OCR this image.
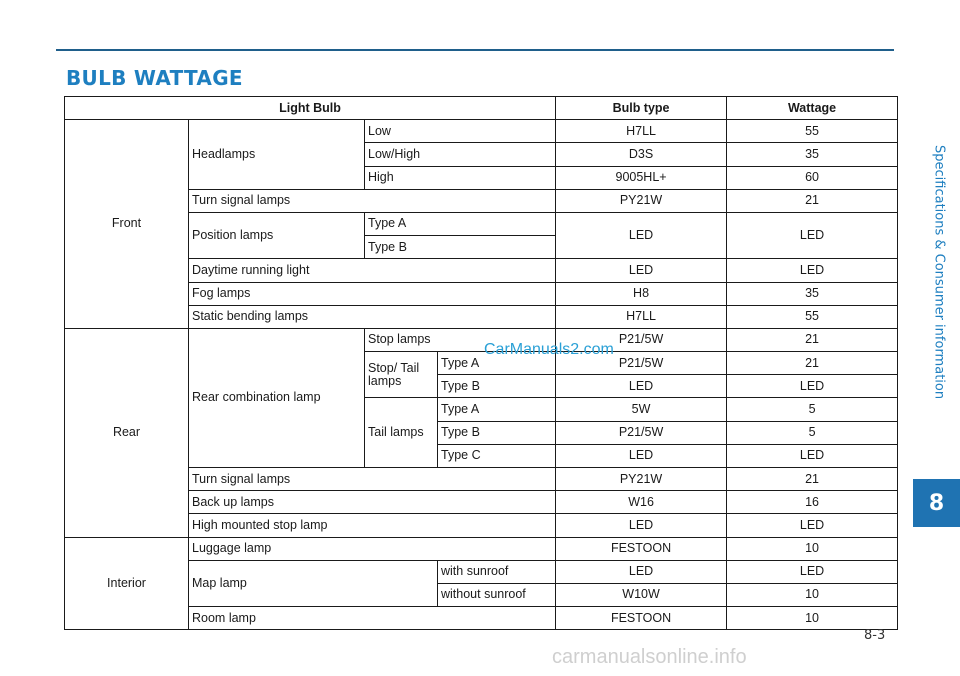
BULB WATTAGE
Specifications & Consumer information
8
Light Bulb				Bulb type	Wattage
Front	Headlamps	Low		H7LL	55
		Low/High		D3S	35
		High		9005HL+	60
	Turn signal lamps			PY21W	21
	Position lamps	Type A		LED	LED
		Type B			
	Daytime running light			LED	LED
	Fog lamps			H8	35
	Static bending lamps			H7LL	55
Rear	Rear combination lamp	Stop lamps		P21/5W	21
		Stop/ Tail lamps	Type A	P21/5W	21
			Type B	LED	LED
		Tail lamps	Type A	5W	5
			Type B	P21/5W	5
			Type C	LED	LED
	Turn signal lamps			PY21W	21
	Back up lamps			W16	16
	High mounted stop lamp			LED	LED
Interior	Luggage lamp			FESTOON	10
	Map lamp		with sunroof	LED	LED
			without sunroof	W10W	10
	Room lamp			FESTOON	10
CarManuals2.com
8-3
carmanualsonline.info
